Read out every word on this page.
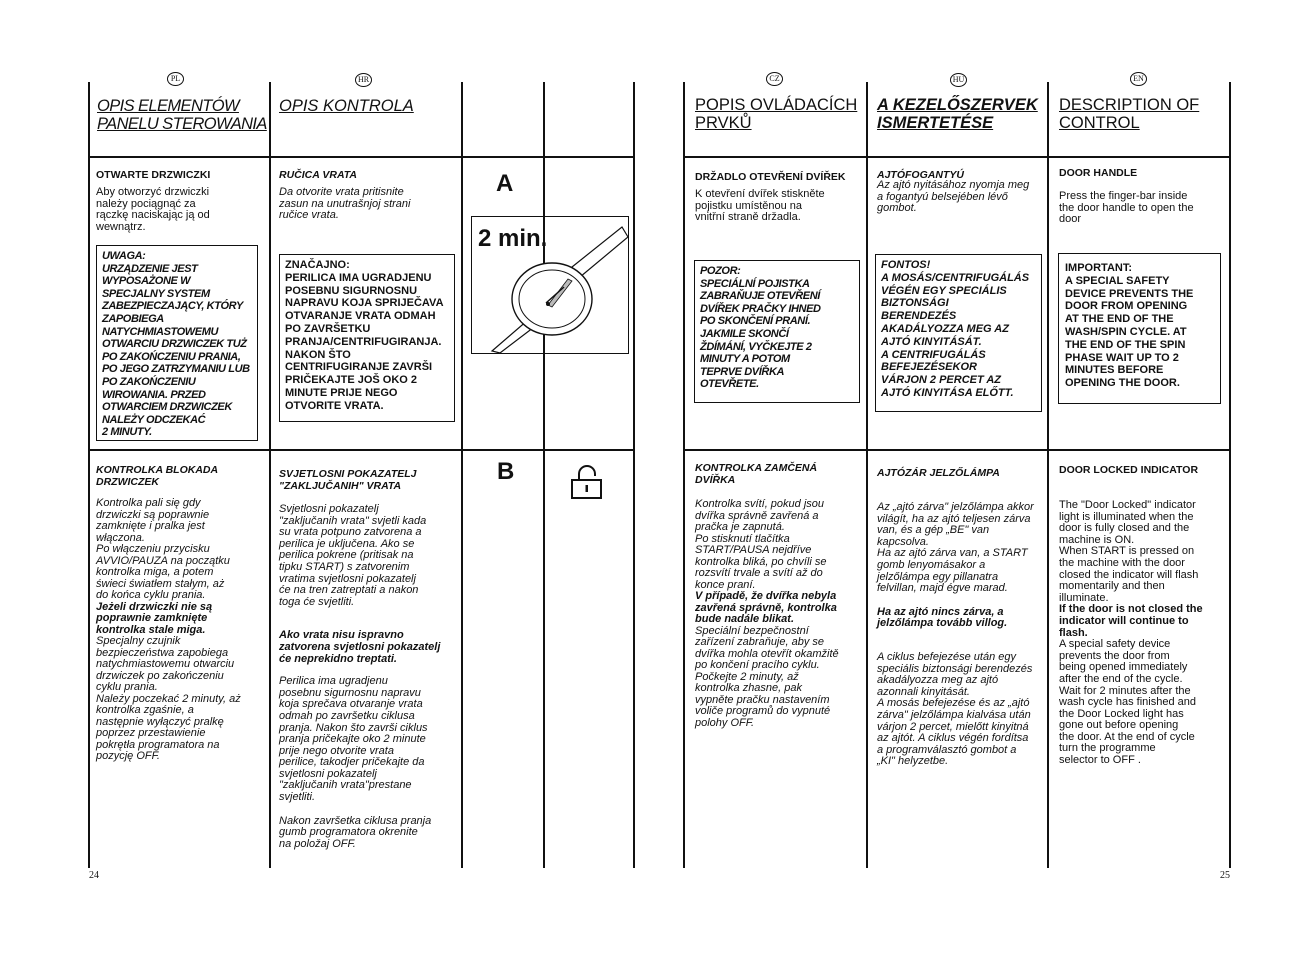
PL	HR	CZ	HU	EN
OPIS ELEMENTÓW
PANELU STEROWANIA
OPIS KONTROLA	POPIS OVLÁDACÍCH
PRVKŮ
A KEZELŐSZERVEK
ISMERTETÉSE
DESCRIPTION OF
CONTROL
OTWARTE DRZWICZKI
Aby otworzyć drzwiczki
należy pociągnąć za
rączkę naciskając ją od
wewnątrz.
UWAGA:
URZĄDZENIE JEST
WYPOSAŻONE W
SPECJALNY SYSTEM
ZABEZPIECZAJĄCY, KTÓRY
ZAPOBIEGA
NATYCHMIASTOWEMU
OTWARCIU DRZWICZEK TUŻ
PO ZAKOŃCZENIU PRANIA,
PO JEGO ZATRZYMANIU LUB
PO ZAKOŃCZENIU
WIROWANIA. PRZED
OTWARCIEM DRZWICZEK
NALEŻY ODCZEKAĆ
2 MINUTY.
RUČICA VRATA
Da otvorite vrata pritisnite
zasun na unutrašnjoj strani
ručice vrata.
ZNAČAJNO:
PERILICA IMA UGRADJENU
POSEBNU SIGURNOSNU
NAPRAVU KOJA SPRIJEČAVA
OTVARANJE VRATA ODMAH
PO ZAVRŠETKU
PRANJA/CENTRIFUGIRANJA.
NAKON ŠTO
CENTRIFUGIRANJE ZAVRŠI
PRIČEKAJTE JOŠ OKO 2
MINUTE PRIJE NEGO
OTVORITE VRATA.
A
2 min.
DRŽADLO OTEVŘENÍ DVÍŘEK
K otevření dvířek stiskněte
pojistku umístěnou na
vnitřní straně držadla.
POZOR:
SPECIÁLNÍ POJISTKA
ZABRAŇUJE OTEVŘENÍ
DVÍŘEK PRAČKY IHNED
PO SKONČENÍ PRANÍ.
JAKMILE SKONČÍ
ŽDÍMÁNÍ, VYČKEJTE 2
MINUTY A POTOM
TEPRVE DVÍŘKA
OTEVŘETE.
AJTÓFOGANTYÚ
Az ajtó nyitásához nyomja meg
a fogantyú belsejében lévő
gombot.
FONTOS!
A MOSÁS/CENTRIFUGÁLÁS
VÉGÉN EGY SPECIÁLIS
BIZTONSÁGI
BERENDEZÉS
AKADÁLYOZZA MEG AZ
AJTÓ KINYITÁSÁT.
A CENTRIFUGÁLÁS
BEFEJEZÉSEKOR
VÁRJON 2 PERCET AZ
AJTÓ KINYITÁSA ELŐTT.
DOOR HANDLE
Press the finger-bar inside
the door handle to open the
door
IMPORTANT:
A SPECIAL SAFETY
DEVICE PREVENTS THE
DOOR FROM OPENING
AT THE END OF THE
WASH/SPIN CYCLE. AT
THE END OF THE SPIN
PHASE WAIT UP TO 2
MINUTES BEFORE
OPENING THE DOOR.
KONTROLKA BLOKADA
DRZWICZEK
Kontrolka pali się gdy
drzwiczki są poprawnie
zamknięte i pralka jest
włączona.
Po włączeniu przycisku
AVVIO/PAUZA na początku
kontrolka miga, a potem
świeci światłem stałym, aż
do końca cyklu prania.
Jeżeli drzwiczki nie są
poprawnie zamknięte
kontrolka stale miga.
Specjalny czujnik
bezpieczeństwa zapobiega
natychmiastowemu otwarciu
drzwiczek po zakończeniu
cyklu prania.
Należy poczekać 2 minuty, aż
kontrolka zgaśnie, a
następnie wyłączyć pralkę
poprzez przestawienie
pokrętła programatora na
pozycję OFF.
SVJETLOSNI POKAZATELJ
"ZAKLJUČANIH" VRATA
Svjetlosni pokazatelj
"zaključanih vrata" svjetli kada
su vrata potpuno zatvorena a
perilica je uključena. Ako se
perilica pokrene (pritisak na
tipku START) s zatvorenim
vratima svjetlosni pokazatelj
će na tren zatreptati a nakon
toga će svjetliti.
Ako vrata nisu ispravno
zatvorena svjetlosni pokazatelj
će neprekidno treptati.
Perilica ima ugradjenu
posebnu sigurnosnu napravu
koja sprečava otvaranje vrata
odmah po završetku ciklusa
pranja. Nakon što završi ciklus
pranja pričekajte oko 2 minute
prije nego otvorite vrata
perilice, takodjer pričekajte da
svjetlosni pokazatelj
"zaključanih vrata"prestane
svjetliti.
Nakon završetka ciklusa pranja
gumb programatora okrenite
na položaj OFF.
B	KONTROLKA ZAMČENÁ
DVÍŘKA
Kontrolka svítí, pokud jsou
dvířka správně zavřená a
pračka je zapnutá.
Po stisknutí tlačítka
START/PAUSA nejdříve
kontrolka bliká, po chvíli se
rozsvítí trvale a svítí až do
konce praní.
V případě, že dvířka nebyla
zavřená správně, kontrolka
bude nadále blikat.
Speciální bezpečnostní
zařízení zabraňuje, aby se
dvířka mohla otevřít okamžitě
po končení pracího cyklu.
Počkejte 2 minuty, až
kontrolka zhasne, pak
vypněte pračku nastavením
voliče programů do vypnuté
polohy OFF.
AJTÓZÁR JELZŐLÁMPA
Az „ajtó zárva" jelzőlámpa akkor
világít, ha az ajtó teljesen zárva
van, és a gép „BE" van
kapcsolva.
Ha az ajtó zárva van, a START
gomb lenyomásakor a
jelzőlámpa egy pillanatra
felvillan, majd égve marad.
Ha az ajtó nincs zárva, a
jelzőlámpa tovább villog.
A ciklus befejezése után egy
speciális biztonsági berendezés
akadályozza meg az ajtó
azonnali kinyitását.
A mosás befejezése és az „ajtó
zárva" jelzőlámpa kialvása után
várjon 2 percet, mielőtt kinyitná
az ajtót. A ciklus végén fordítsa
a programválasztó gombot a
„KI" helyzetbe.
DOOR LOCKED INDICATOR
The "Door Locked" indicator
light is illuminated when the
door is fully closed and the
machine is ON.
When START is pressed on
the machine with the door
closed the indicator will flash
momentarily and then
illuminate.
If the door is not closed the
indicator will continue to
flash.
A special safety device
prevents the door from
being opened immediately
after the end of the cycle.
Wait for 2 minutes after the
wash cycle has finished and
the Door Locked light has
gone out before opening
the door. At the end of cycle
turn the programme
selector to OFF .
24	25
